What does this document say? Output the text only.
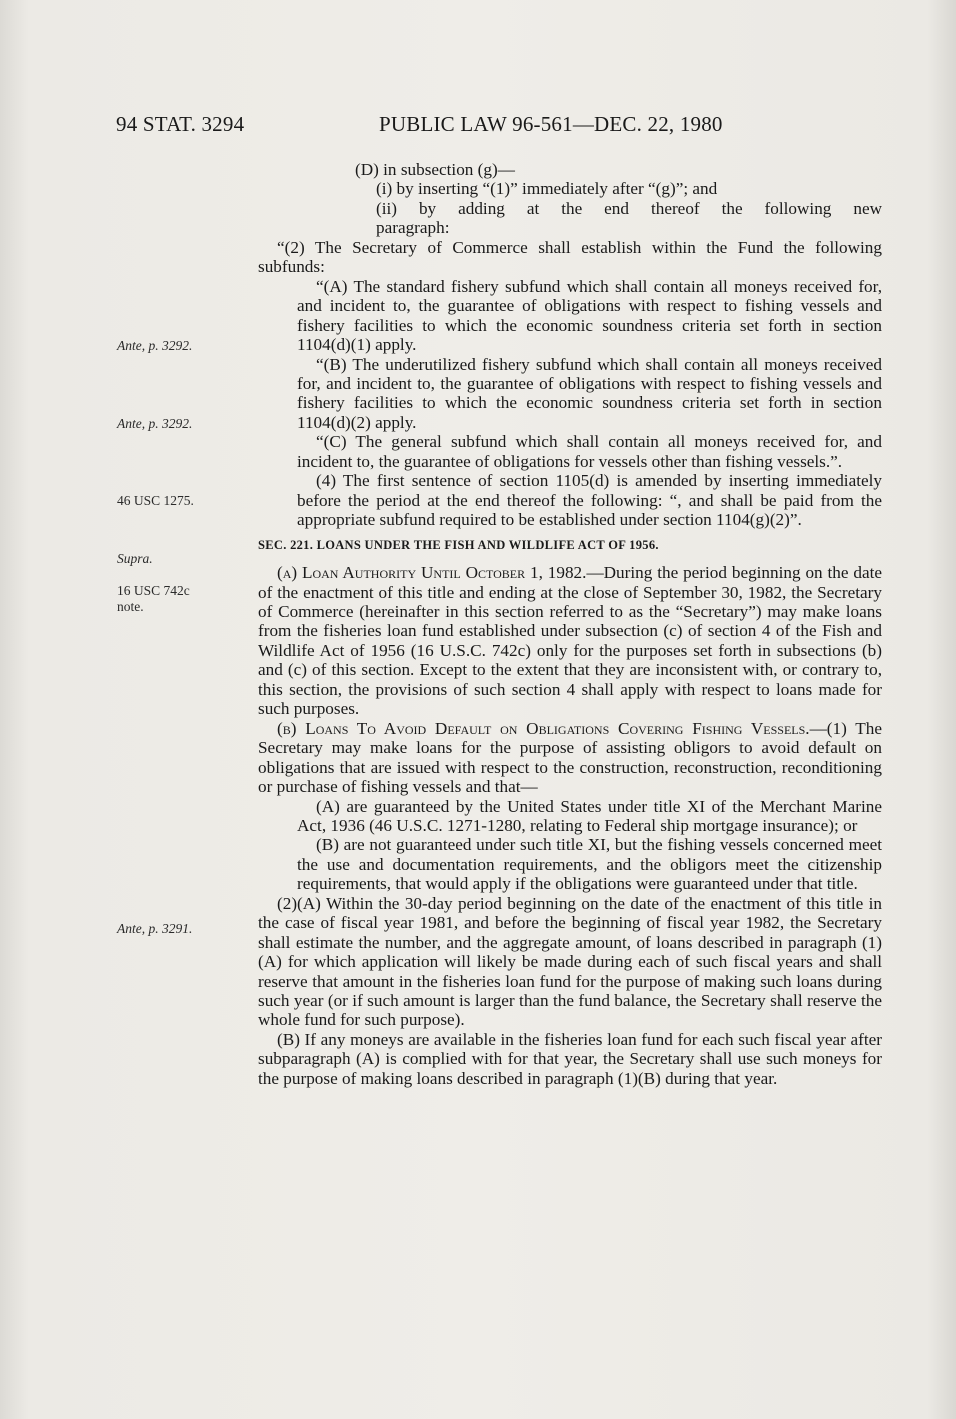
94 STAT. 3294	PUBLIC LAW 96-561—DEC. 22, 1980
Ante, p. 3292.
Ante, p. 3292.
46 USC 1275.
Supra.
16 USC 742c
note.
Ante, p. 3291.

(D) in subsection (g)—

(i) by inserting “(1)” immediately after “(g)”; and

(ii) by adding at the end thereof the following new

paragraph:

“(2) The Secretary of Commerce shall establish within the Fund the following subfunds:

“(A) The standard fishery subfund which shall contain all moneys received for, and incident to, the guarantee of obligations with respect to fishing vessels and fishery facilities to which the economic soundness criteria set forth in section 1104(d)(1) apply.

“(B) The underutilized fishery subfund which shall contain all moneys received for, and incident to, the guarantee of obligations with respect to fishing vessels and fishery facilities to which the economic soundness criteria set forth in section 1104(d)(2) apply.

“(C) The general subfund which shall contain all moneys received for, and incident to, the guarantee of obligations for vessels other than fishing vessels.”.

(4) The first sentence of section 1105(d) is amended by inserting immediately before the period at the end thereof the following: “, and shall be paid from the appropriate subfund required to be established under section 1104(g)(2)”.

SEC. 221. LOANS UNDER THE FISH AND WILDLIFE ACT OF 1956.

(a) Loan Authority Until October 1, 1982.—During the period beginning on the date of the enactment of this title and ending at the close of September 30, 1982, the Secretary of Commerce (hereinafter in this section referred to as the “Secretary”) may make loans from the fisheries loan fund established under subsection (c) of section 4 of the Fish and Wildlife Act of 1956 (16 U.S.C. 742c) only for the purposes set forth in subsections (b) and (c) of this section. Except to the extent that they are inconsistent with, or contrary to, this section, the provisions of such section 4 shall apply with respect to loans made for such purposes.

(b) Loans To Avoid Default on Obligations Covering Fishing Vessels.—(1) The Secretary may make loans for the purpose of assisting obligors to avoid default on obligations that are issued with respect to the construction, reconstruction, reconditioning or purchase of fishing vessels and that—

(A) are guaranteed by the United States under title XI of the Merchant Marine Act, 1936 (46 U.S.C. 1271-1280, relating to Federal ship mortgage insurance); or

(B) are not guaranteed under such title XI, but the fishing vessels concerned meet the use and documentation requirements, and the obligors meet the citizenship requirements, that would apply if the obligations were guaranteed under that title.

(2)(A) Within the 30-day period beginning on the date of the enactment of this title in the case of fiscal year 1981, and before the beginning of fiscal year 1982, the Secretary shall estimate the number, and the aggregate amount, of loans described in paragraph (1)(A) for which application will likely be made during each of such fiscal years and shall reserve that amount in the fisheries loan fund for the purpose of making such loans during such year (or if such amount is larger than the fund balance, the Secretary shall reserve the whole fund for such purpose).

(B) If any moneys are available in the fisheries loan fund for each such fiscal year after subparagraph (A) is complied with for that year, the Secretary shall use such moneys for the purpose of making loans described in paragraph (1)(B) during that year.
